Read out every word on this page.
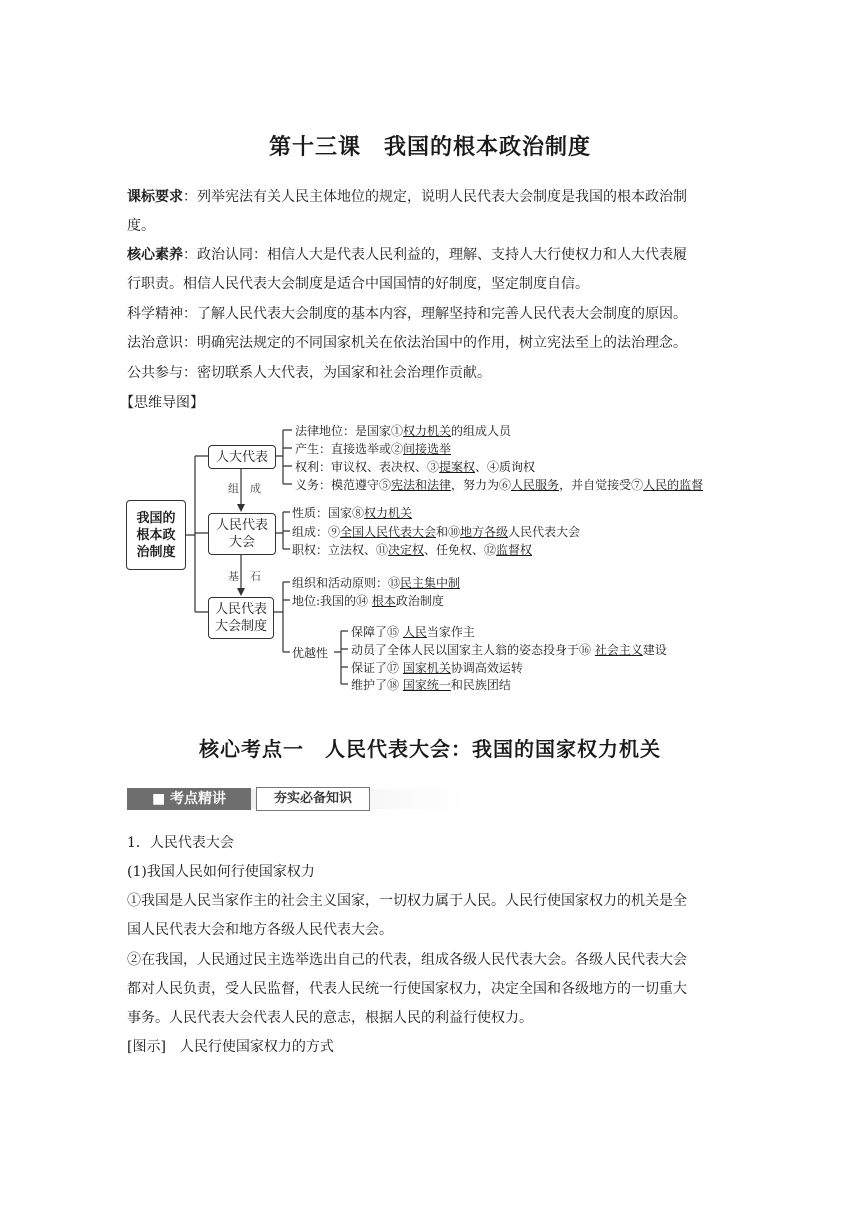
第十三课　我国的根本政治制度
课标要求：列举宪法有关人民主体地位的规定，说明人民代表大会制度是我国的根本政治制
度。
核心素养：政治认同：相信人大是代表人民利益的，理解、支持人大行使权力和人大代表履
行职责。相信人民代表大会制度是适合中国国情的好制度，坚定制度自信。
科学精神：了解人民代表大会制度的基本内容，理解坚持和完善人民代表大会制度的原因。
法治意识：明确宪法规定的不同国家机关在依法治国中的作用，树立宪法至上的法治理念。
公共参与：密切联系人大代表，为国家和社会治理作贡献。
【思维导图】
我国的
根本政
治制度
人大代表
人民代表
大会
人民代表
大会制度
组　 成
基　 石
法律地位：是国家①权力机关的组成人员
产生：直接选举或②间接选举
权利：审议权、表决权、③提案权、④质询权
义务：模范遵守⑤宪法和法律，努力为⑥人民服务，并自觉接受⑦人民的监督
性质：国家⑧权力机关
组成：⑨全国人民代表大会和⑩地方各级人民代表大会
职权：立法权、⑪决定权、任免权、⑫监督权
组织和活动原则：⑬民主集中制
地位:我国的⑭ 根本政治制度
优越性
保障了⑮ 人民当家作主
动员了全体人民以国家主人翁的姿态投身于⑯ 社会主义建设
保证了⑰ 国家机关协调高效运转
维护了⑱ 国家统一和民族团结
核心考点一　人民代表大会：我国的国家权力机关
■ 考点精讲	夯实必备知识
1．人民代表大会
(1)我国人民如何行使国家权力
①我国是人民当家作主的社会主义国家，一切权力属于人民。人民行使国家权力的机关是全
国人民代表大会和地方各级人民代表大会。
②在我国，人民通过民主选举选出自己的代表，组成各级人民代表大会。各级人民代表大会
都对人民负责，受人民监督，代表人民统一行使国家权力，决定全国和各级地方的一切重大
事务。人民代表大会代表人民的意志，根据人民的利益行使权力。
[图示]　人民行使国家权力的方式
